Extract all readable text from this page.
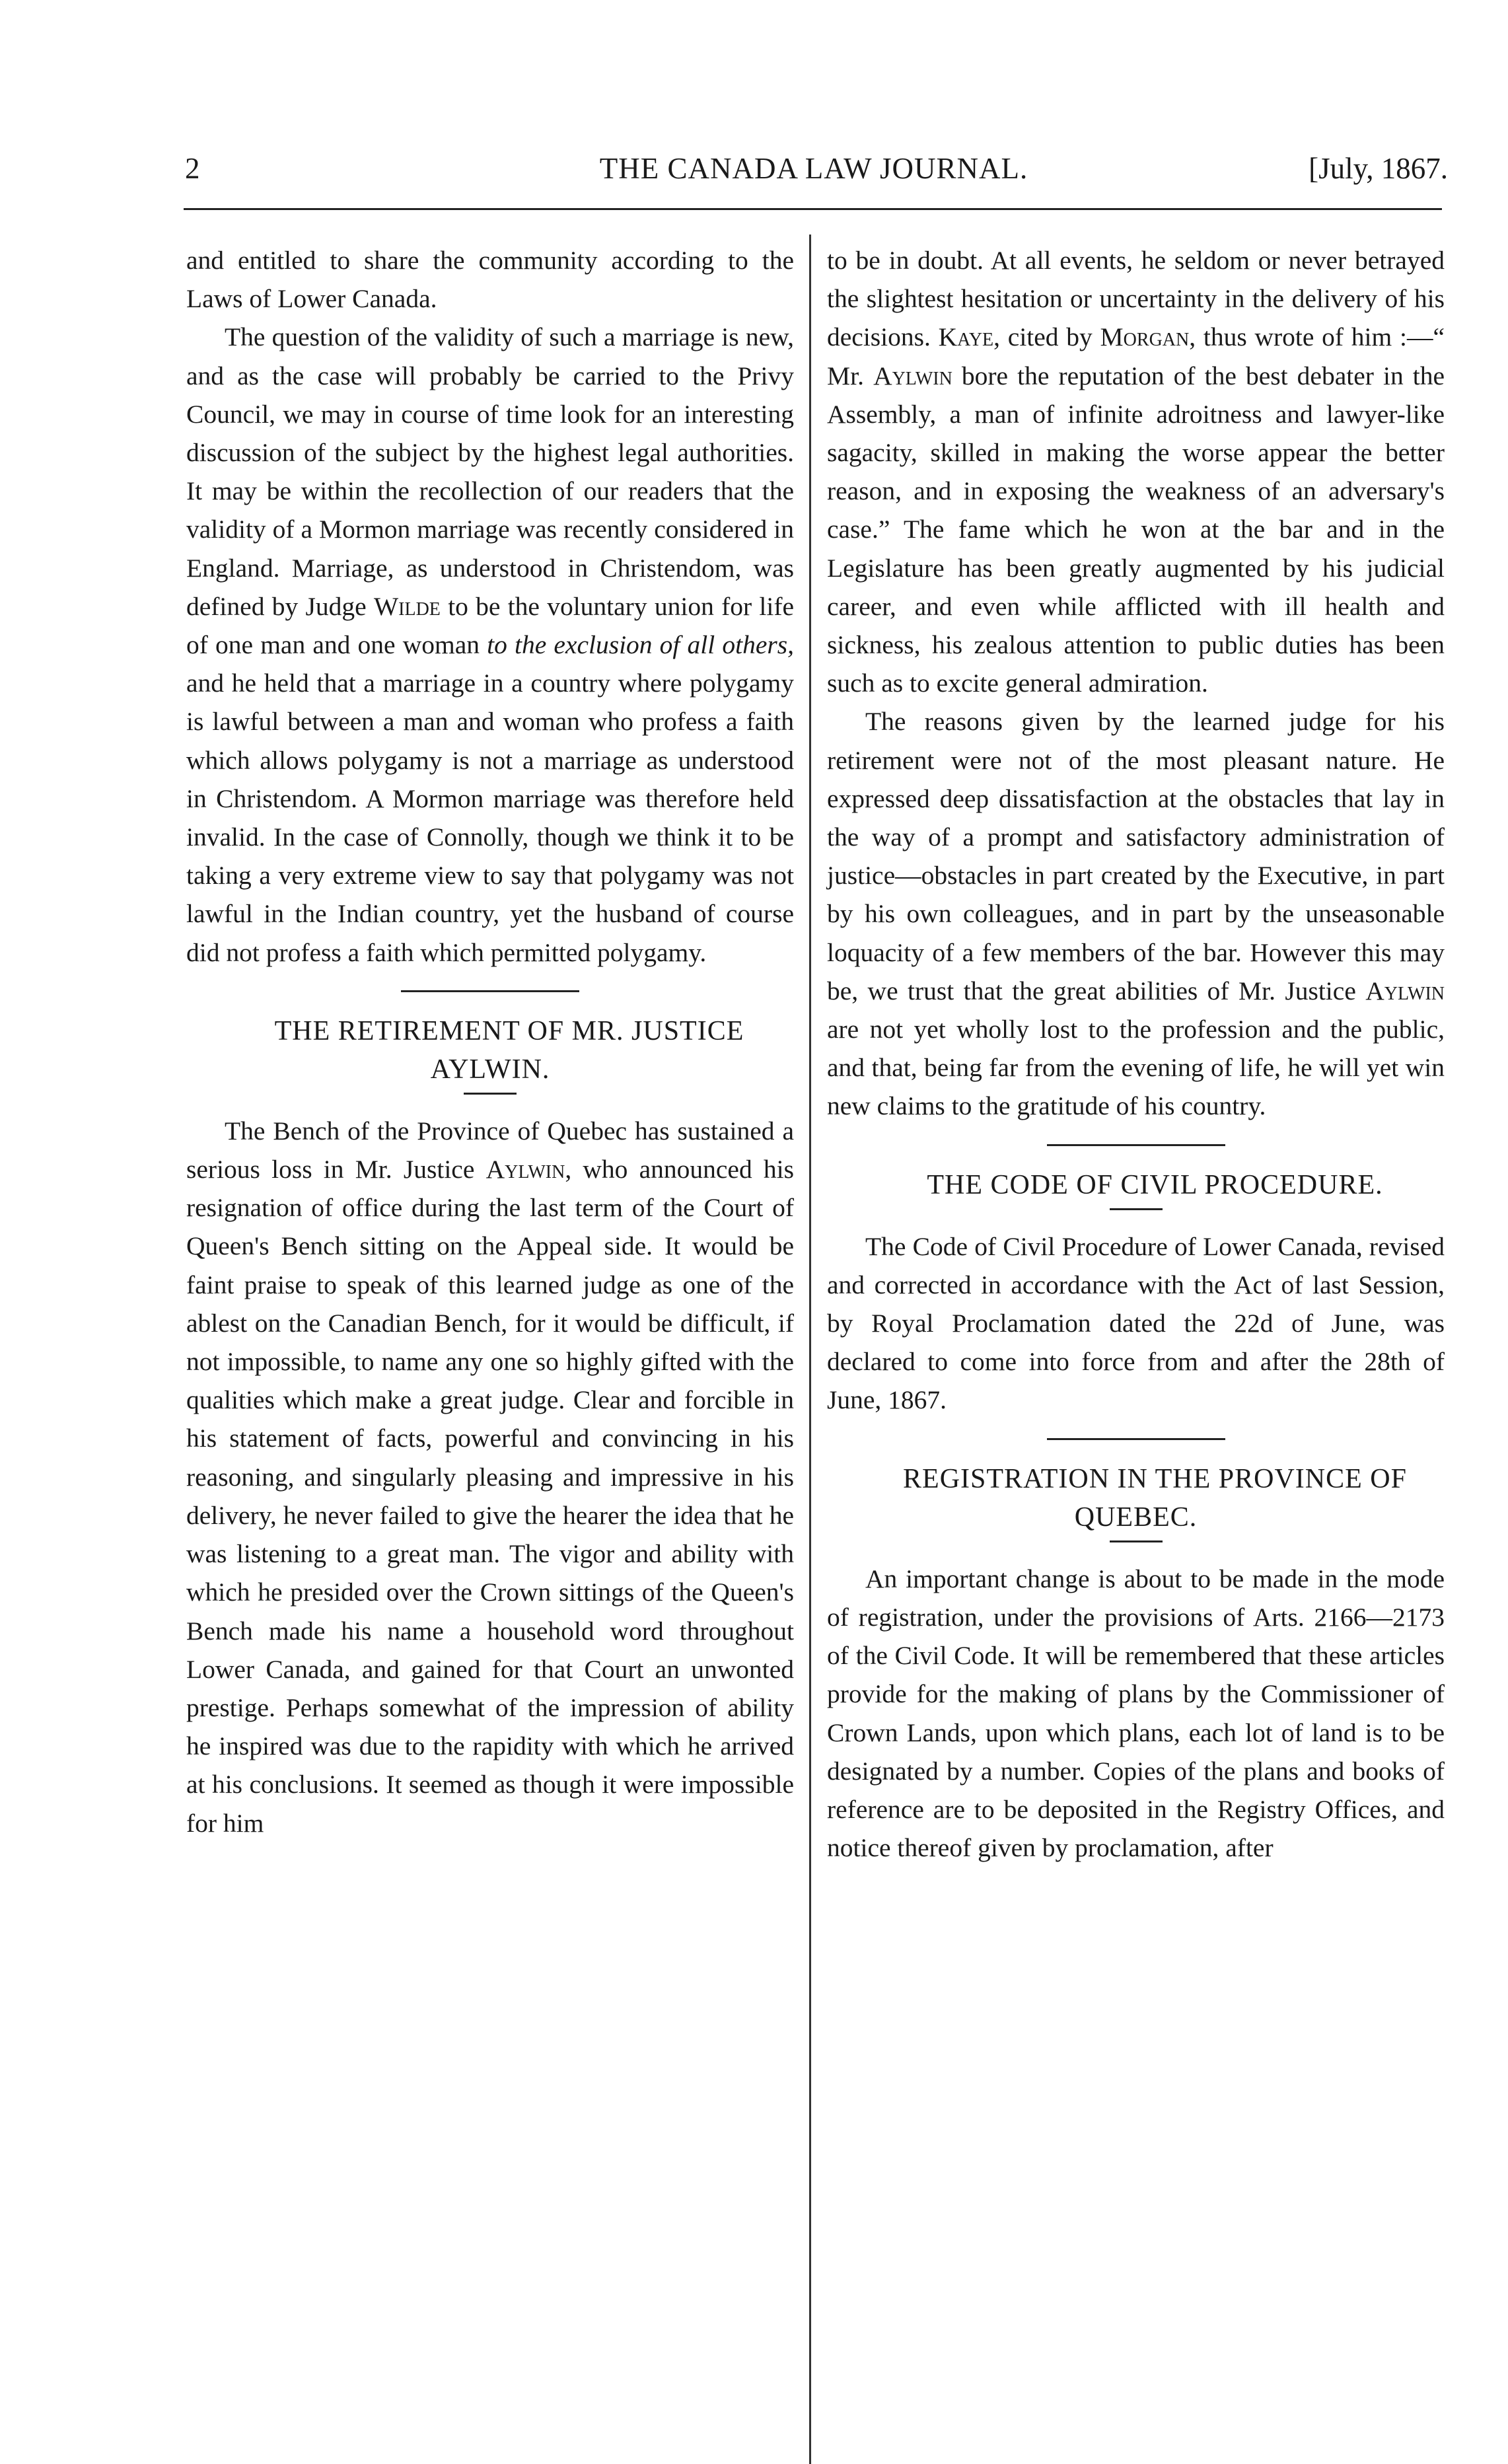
2	THE CANADA LAW JOURNAL.	[July, 1867.

and entitled to share the community according to the Laws of Lower Canada.

The question of the validity of such a marriage is new, and as the case will probably be carried to the Privy Council, we may in course of time look for an interesting discussion of the subject by the highest legal authorities. It may be within the recollection of our readers that the validity of a Mormon marriage was recently considered in England. Marriage, as understood in Christendom, was defined by Judge Wilde to be the voluntary union for life of one man and one woman to the exclusion of all others, and he held that a marriage in a country where polygamy is lawful between a man and woman who profess a faith which allows polygamy is not a marriage as understood in Christendom. A Mormon marriage was therefore held invalid. In the case of Connolly, though we think it to be taking a very extreme view to say that polygamy was not lawful in the Indian country, yet the husband of course did not profess a faith which permitted polygamy.

THE RETIREMENT OF MR. JUSTICE AYLWIN.

The Bench of the Province of Quebec has sustained a serious loss in Mr. Justice Aylwin, who announced his resignation of office during the last term of the Court of Queen's Bench sitting on the Appeal side. It would be faint praise to speak of this learned judge as one of the ablest on the Canadian Bench, for it would be difficult, if not impossible, to name any one so highly gifted with the qualities which make a great judge. Clear and forcible in his statement of facts, powerful and convincing in his reasoning, and singularly pleasing and impressive in his delivery, he never failed to give the hearer the idea that he was listening to a great man. The vigor and ability with which he presided over the Crown sittings of the Queen's Bench made his name a household word throughout Lower Canada, and gained for that Court an unwonted prestige. Perhaps somewhat of the impression of ability he inspired was due to the rapidity with which he arrived at his conclusions. It seemed as though it were impossible for him

to be in doubt. At all events, he seldom or never betrayed the slightest hesitation or uncertainty in the delivery of his decisions. Kaye, cited by Morgan, thus wrote of him :—“ Mr. Aylwin bore the reputation of the best debater in the Assembly, a man of infinite adroitness and lawyer-like sagacity, skilled in making the worse appear the better reason, and in exposing the weakness of an adversary's case.” The fame which he won at the bar and in the Legislature has been greatly augmented by his judicial career, and even while afflicted with ill health and sickness, his zealous attention to public duties has been such as to excite general admiration.

The reasons given by the learned judge for his retirement were not of the most pleasant nature. He expressed deep dissatisfaction at the obstacles that lay in the way of a prompt and satisfactory administration of justice—obstacles in part created by the Executive, in part by his own colleagues, and in part by the unseasonable loquacity of a few members of the bar. However this may be, we trust that the great abilities of Mr. Justice Aylwin are not yet wholly lost to the profession and the public, and that, being far from the evening of life, he will yet win new claims to the gratitude of his country.

THE CODE OF CIVIL PROCEDURE.

The Code of Civil Procedure of Lower Canada, revised and corrected in accordance with the Act of last Session, by Royal Proclamation dated the 22d of June, was declared to come into force from and after the 28th of June, 1867.

REGISTRATION IN THE PROVINCE OF QUEBEC.

An important change is about to be made in the mode of registration, under the provisions of Arts. 2166—2173 of the Civil Code. It will be remembered that these articles provide for the making of plans by the Commissioner of Crown Lands, upon which plans, each lot of land is to be designated by a number. Copies of the plans and books of reference are to be deposited in the Registry Offices, and notice thereof given by proclamation, after
